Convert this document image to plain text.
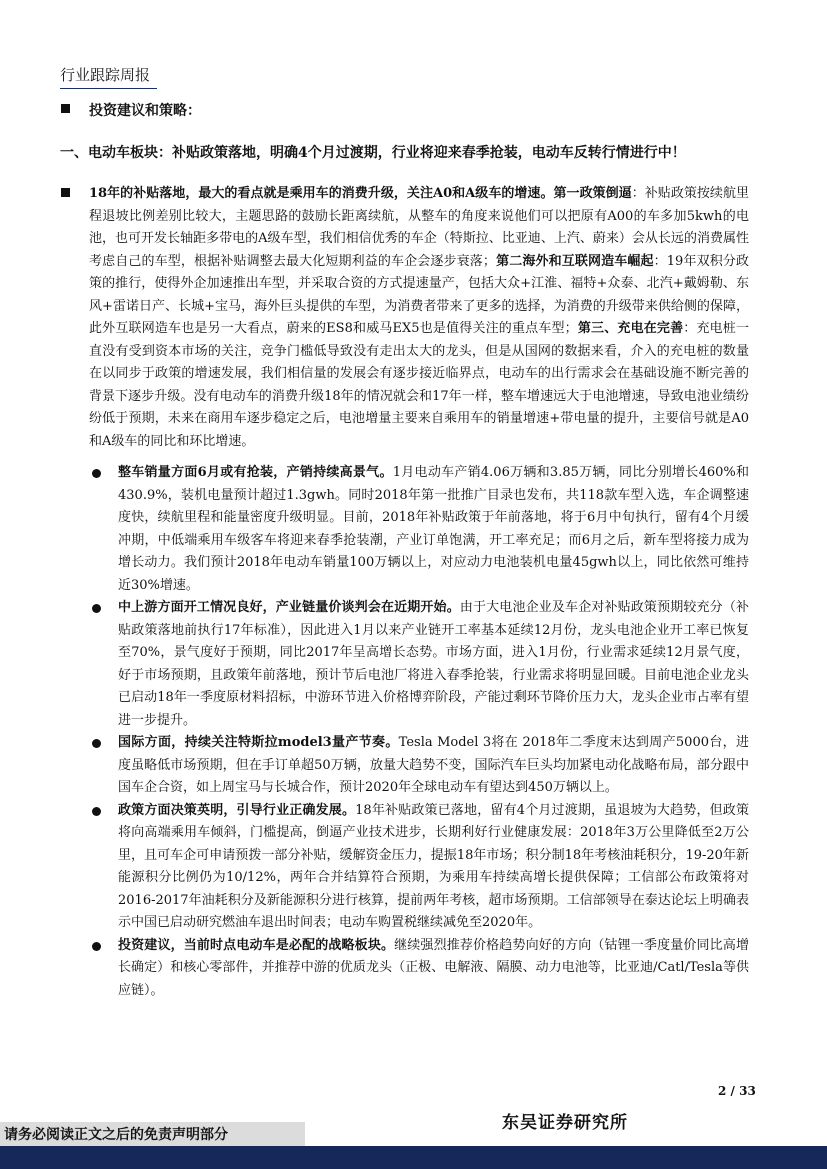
行业跟踪周报
投资建议和策略：
一、电动车板块：补贴政策落地，明确4个月过渡期，行业将迎来春季抢装，电动车反转行情进行中！
18年的补贴落地，最大的看点就是乘用车的消费升级，关注A0和A级车的增速。第一政策倒逼：补贴政策按续航里程退坡比例差别比较大，主题思路的鼓励长距离续航，从整车的角度来说他们可以把原有A00的车多加5kwh的电池，也可开发长轴距多带电的A级车型，我们相信优秀的车企（特斯拉、比亚迪、上汽、蔚来）会从长远的消费属性考虑自己的车型，根据补贴调整去最大化短期利益的车企会逐步衰落；第二海外和互联网造车崛起：19年双积分政策的推行，使得外企加速推出车型，并采取合资的方式提速量产，包括大众+江淮、福特+众泰、北汽+戴姆勒、东风+雷诺日产、长城+宝马，海外巨头提供的车型，为消费者带来了更多的选择，为消费的升级带来供给侧的保障，此外互联网造车也是另一大看点，蔚来的ES8和威马EX5也是值得关注的重点车型；第三、充电在完善：充电桩一直没有受到资本市场的关注，竞争门槛低导致没有走出太大的龙头，但是从国网的数据来看，介入的充电桩的数量在以同步于政策的增速发展，我们相信量的发展会有逐步接近临界点，电动车的出行需求会在基础设施不断完善的背景下逐步升级。没有电动车的消费升级18年的情况就会和17年一样，整车增速远大于电池增速，导致电池业绩纷纷低于预期，未来在商用车逐步稳定之后，电池增量主要来自乘用车的销量增速+带电量的提升，主要信号就是A0和A级车的同比和环比增速。
整车销量方面6月或有抢装，产销持续高景气。1月电动车产销4.06万辆和3.85万辆，同比分别增长460%和430.9%，装机电量预计超过1.3gwh。同时2018年第一批推广目录也发布，共118款车型入选，车企调整速度快，续航里程和能量密度升级明显。目前，2018年补贴政策于年前落地，将于6月中旬执行，留有4个月缓冲期，中低端乘用车级客车将迎来春季抢装潮，产业订单饱满，开工率充足；而6月之后，新车型将接力成为增长动力。我们预计2018年电动车销量100万辆以上，对应动力电池装机电量45gwh以上，同比依然可维持近30%增速。
中上游方面开工情况良好，产业链量价谈判会在近期开始。由于大电池企业及车企对补贴政策预期较充分（补贴政策落地前执行17年标准），因此进入1月以来产业链开工率基本延续12月份，龙头电池企业开工率已恢复至70%，景气度好于预期，同比2017年呈高增长态势。市场方面，进入1月份，行业需求延续12月景气度，好于市场预期，且政策年前落地，预计节后电池厂将进入春季抢装，行业需求将明显回暖。目前电池企业龙头已启动18年一季度原材料招标，中游环节进入价格博弈阶段，产能过剩环节降价压力大，龙头企业市占率有望进一步提升。
国际方面，持续关注特斯拉model3量产节奏。Tesla Model 3将在 2018年二季度末达到周产5000台，进度虽略低市场预期，但在手订单超50万辆，放量大趋势不变，国际汽车巨头均加紧电动化战略布局，部分跟中国车企合资，如上周宝马与长城合作，预计2020年全球电动车有望达到450万辆以上。
政策方面决策英明，引导行业正确发展。18年补贴政策已落地，留有4个月过渡期，虽退坡为大趋势，但政策将向高端乘用车倾斜，门槛提高，倒逼产业技术进步，长期利好行业健康发展：2018年3万公里降低至2万公里，且可车企可申请预拨一部分补贴，缓解资金压力，提振18年市场；积分制18年考核油耗积分，19-20年新能源积分比例仍为10/12%，两年合并结算符合预期，为乘用车持续高增长提供保障；工信部公布政策将对2016-2017年油耗积分及新能源积分进行核算，提前两年考核，超市场预期。工信部领导在泰达论坛上明确表示中国已启动研究燃油车退出时间表；电动车购置税继续减免至2020年。
投资建议，当前时点电动车是必配的战略板块。继续强烈推荐价格趋势向好的方向（钴锂一季度量价同比高增长确定）和核心零部件，并推荐中游的优质龙头（正极、电解液、隔膜、动力电池等，比亚迪/Catl/Tesla等供应链）。
2 / 33
东吴证券研究所
请务必阅读正文之后的免责声明部分
